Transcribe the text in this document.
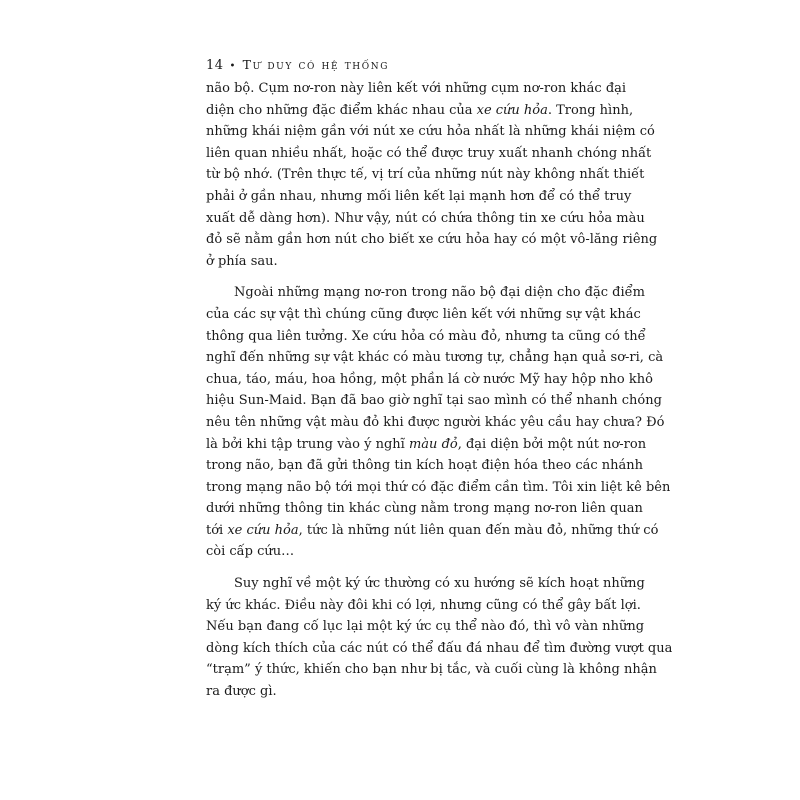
14 • Tư duy có hệ thống
não bộ. Cụm nơ-ron này liên kết với những cụm nơ-ron khác đại
diện cho những đặc điểm khác nhau của xe cứu hỏa. Trong hình,
những khái niệm gần với nút xe cứu hỏa nhất là những khái niệm có
liên quan nhiều nhất, hoặc có thể được truy xuất nhanh chóng nhất
từ bộ nhớ. (Trên thực tế, vị trí của những nút này không nhất thiết
phải ở gần nhau, nhưng mối liên kết lại mạnh hơn để có thể truy
xuất dễ dàng hơn). Như vậy, nút có chứa thông tin xe cứu hỏa màu
đỏ sẽ nằm gần hơn nút cho biết xe cứu hỏa hay có một vô-lăng riêng
ở phía sau.
Ngoài những mạng nơ-ron trong não bộ đại diện cho đặc điểm
của các sự vật thì chúng cũng được liên kết với những sự vật khác
thông qua liên tưởng. Xe cứu hỏa có màu đỏ, nhưng ta cũng có thể
nghĩ đến những sự vật khác có màu tương tự, chẳng hạn quả sơ-ri, cà
chua, táo, máu, hoa hồng, một phần lá cờ nước Mỹ hay hộp nho khô
hiệu Sun-Maid. Bạn đã bao giờ nghĩ tại sao mình có thể nhanh chóng
nêu tên những vật màu đỏ khi được người khác yêu cầu hay chưa? Đó
là bởi khi tập trung vào ý nghĩ màu đỏ, đại diện bởi một nút nơ-ron
trong não, bạn đã gửi thông tin kích hoạt điện hóa theo các nhánh
trong mạng não bộ tới mọi thứ có đặc điểm cần tìm. Tôi xin liệt kê bên
dưới những thông tin khác cùng nằm trong mạng nơ-ron liên quan
tới xe cứu hỏa, tức là những nút liên quan đến màu đỏ, những thứ có
còi cấp cứu…
Suy nghĩ về một ký ức thường có xu hướng sẽ kích hoạt những
ký ức khác. Điều này đôi khi có lợi, nhưng cũng có thể gây bất lợi.
Nếu bạn đang cố lục lại một ký ức cụ thể nào đó, thì vô vàn những
dòng kích thích của các nút có thể đấu đá nhau để tìm đường vượt qua
“trạm” ý thức, khiến cho bạn như bị tắc, và cuối cùng là không nhận
ra được gì.
